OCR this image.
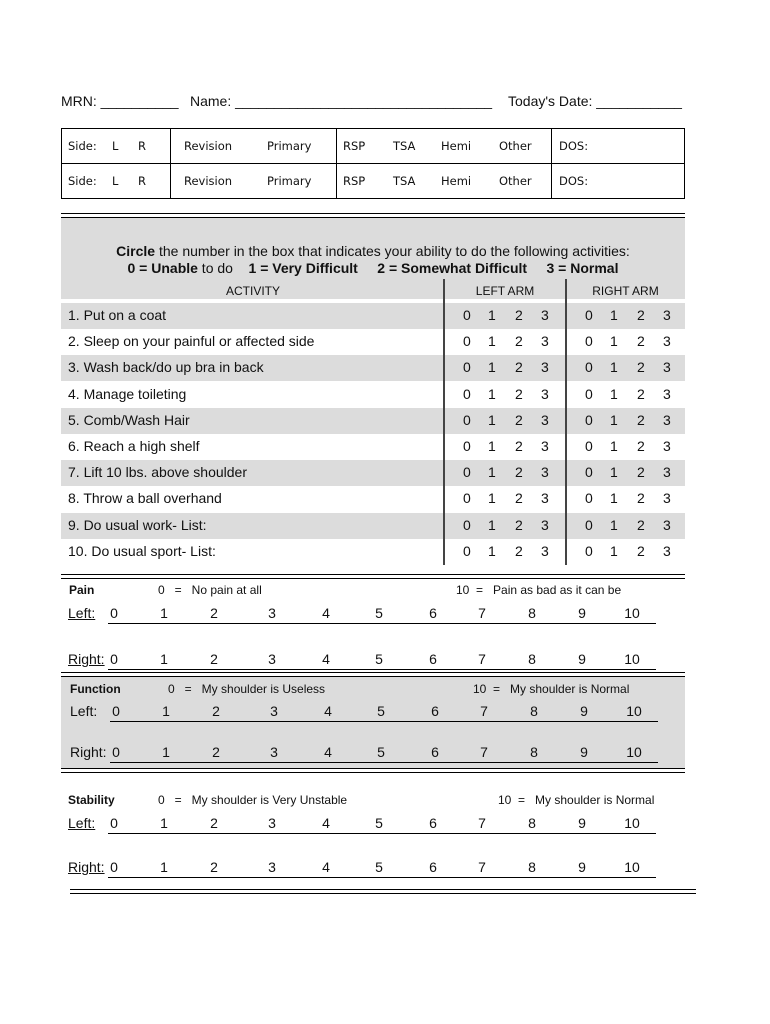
MRN: __________ Name: _________________________________ Today's Date: ___________
Side: L R	Revision Primary	RSP TSA Hemi Other	DOS:

Side: L R	Revision Primary	RSP TSA Hemi Other	DOS:
Circle the number in the box that indicates your ability to do the following activities:
0 = Unable to do 1 = Very Difficult 2 = Somewhat Difficult 3 = Normal
ACTIVITY	LEFT ARM	RIGHT ARM
1. Put on a coat	0 1 2 3	0 1 2 3
2. Sleep on your painful or affected side	0 1 2 3	0 1 2 3
3. Wash back/do up bra in back	0 1 2 3	0 1 2 3
4. Manage toileting	0 1 2 3	0 1 2 3
5. Comb/Wash Hair	0 1 2 3	0 1 2 3
6. Reach a high shelf	0 1 2 3	0 1 2 3
7. Lift 10 lbs. above shoulder	0 1 2 3	0 1 2 3
8. Throw a ball overhand	0 1 2 3	0 1 2 3
9. Do usual work- List:	0 1 2 3	0 1 2 3
10. Do usual sport- List:	0 1 2 3	0 1 2 3
Pain	0   =   No pain at all	10  =   Pain as bad as it can be
Left:	0	1	2	3	4	5	6	7	8	9	10
Right: 0	1	2	3	4	5	6	7	8	9	10
Function	0   =   My shoulder is Useless	10  =   My shoulder is Normal
Left:	0	1	2	3	4	5	6	7	8	9	10
Right: 0	1	2	3	4	5	6	7	8	9	10
Stability	0   =   My shoulder is Very Unstable	10  =   My shoulder is Normal
Left:	0	1	2	3	4	5	6	7	8	9	10
Right: 0	1	2	3	4	5	6	7	8	9	10
